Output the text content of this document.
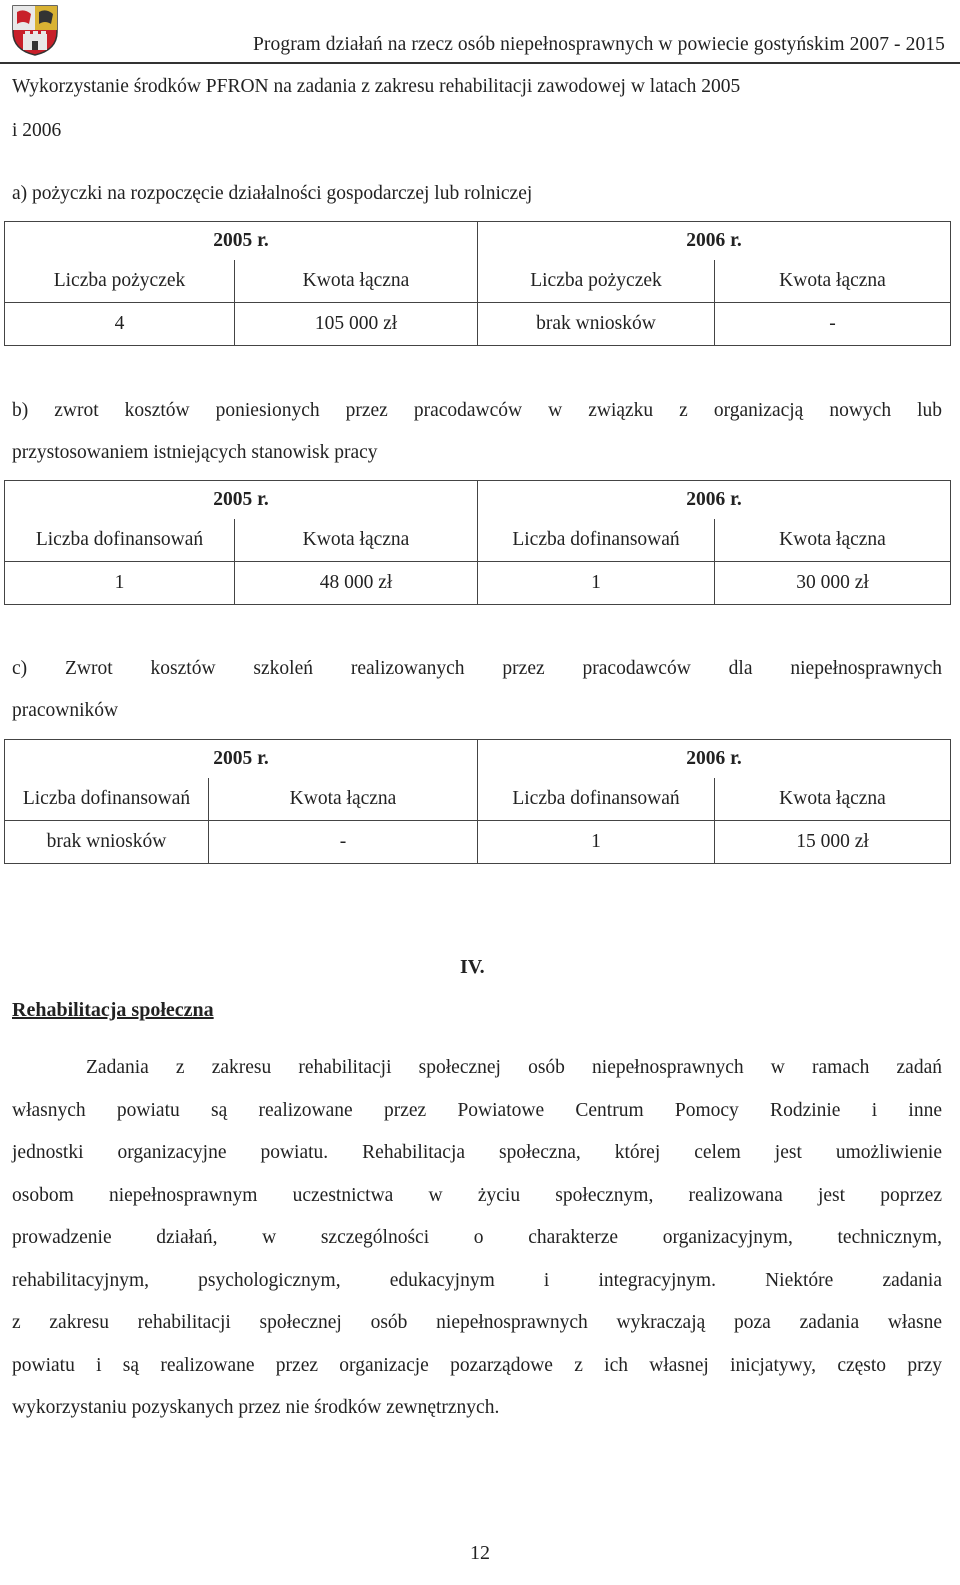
Program działań na rzecz osób niepełnosprawnych w powiecie gostyńskim 2007 - 2015
Wykorzystanie środków PFRON na zadania z zakresu rehabilitacji zawodowej w latach 2005
i 2006
a) pożyczki na rozpoczęcie działalności gospodarczej lub rolniczej
2005 r.		2006 r.	
Liczba pożyczek	Kwota łączna	Liczba pożyczek	Kwota łączna
4	105 000 zł	brak wniosków	-
b) zwrot kosztów poniesionych przez pracodawców w związku z organizacją nowych lub
przystosowaniem istniejących stanowisk pracy
2005 r.		2006 r.	
Liczba dofinansowań	Kwota łączna	Liczba dofinansowań	Kwota łączna
1	48 000 zł	1	30 000 zł
c) Zwrot kosztów szkoleń realizowanych przez pracodawców dla niepełnosprawnych
pracowników
2005 r.		2006 r.	
Liczba dofinansowań	Kwota łączna	Liczba dofinansowań	Kwota łączna
brak wniosków	-	1	15 000 zł
IV.
Rehabilitacja społeczna
Zadania z zakresu rehabilitacji społecznej osób niepełnosprawnych w ramach zadań
własnych powiatu są realizowane przez Powiatowe Centrum Pomocy Rodzinie i inne
jednostki organizacyjne powiatu. Rehabilitacja społeczna, której celem jest umożliwienie
osobom niepełnosprawnym uczestnictwa w życiu społecznym, realizowana jest poprzez
prowadzenie działań, w szczególności o charakterze organizacyjnym, technicznym,
rehabilitacyjnym, psychologicznym, edukacyjnym i integracyjnym. Niektóre zadania
z zakresu rehabilitacji społecznej osób niepełnosprawnych wykraczają poza zadania własne
powiatu i są realizowane przez organizacje pozarządowe z ich własnej inicjatywy, często przy
wykorzystaniu pozyskanych przez nie środków zewnętrznych.
12
